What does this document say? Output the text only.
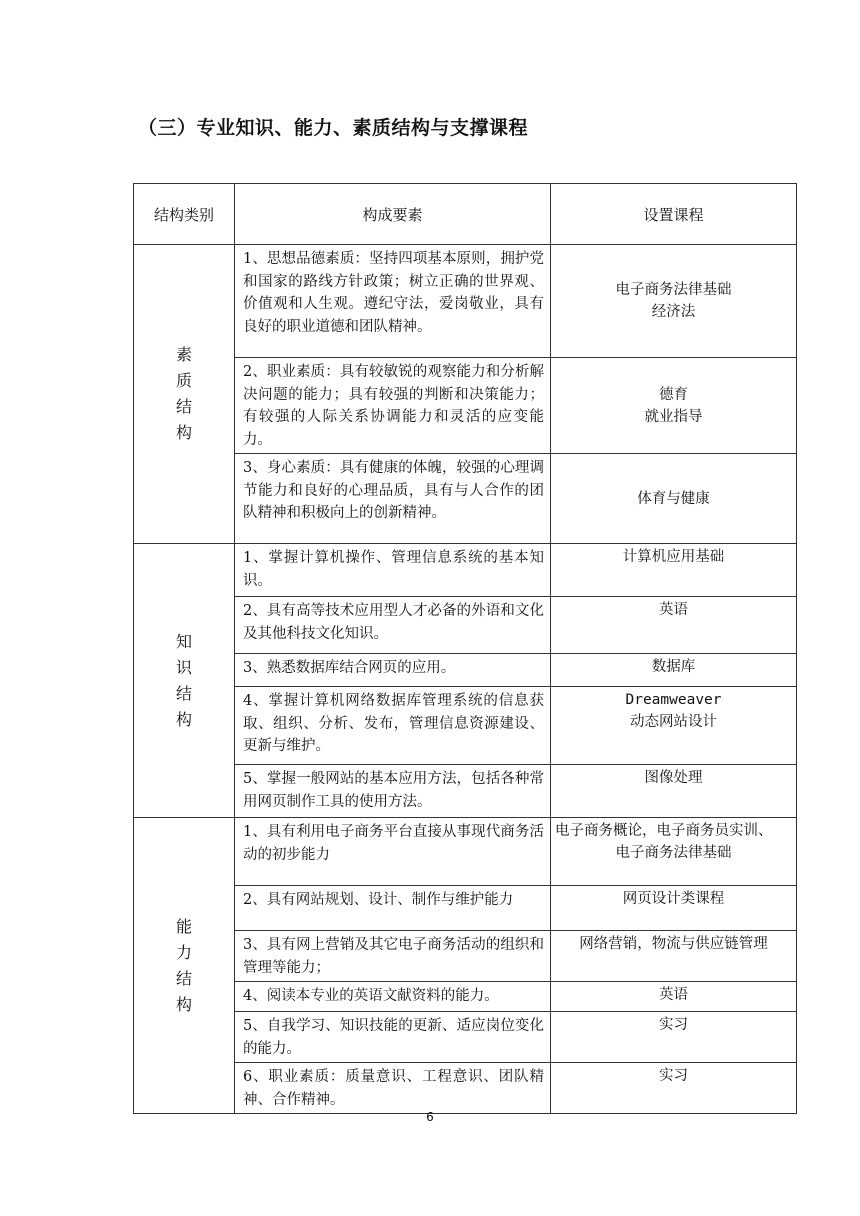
（三）专业知识、能力、素质结构与支撑课程
结构类别	构成要素	设置课程

素质结构	1、思想品德素质：坚持四项基本原则，拥护党和国家的路线方针政策；树立正确的世界观、价值观和人生观。遵纪守法，爱岗敬业，具有良好的职业道德和团队精神。	电子商务法律基础
经济法

	2、职业素质：具有较敏锐的观察能力和分析解决问题的能力；具有较强的判断和决策能力；有较强的人际关系协调能力和灵活的应变能力。	德育
就业指导

	3、身心素质：具有健康的体魄，较强的心理调节能力和良好的心理品质，具有与人合作的团队精神和积极向上的创新精神。	体育与健康

知识结构	1、掌握计算机操作、管理信息系统的基本知识。	计算机应用基础

	2、具有高等技术应用型人才必备的外语和文化及其他科技文化知识。	英语

	3、熟悉数据库结合网页的应用。	数据库

	4、掌握计算机网络数据库管理系统的信息获取、组织、分析、发布，管理信息资源建设、更新与维护。	Dreamweaver
动态网站设计

	5、掌握一般网站的基本应用方法，包括各种常用网页制作工具的使用方法。	图像处理

能力结构	1、具有利用电子商务平台直接从事现代商务活动的初步能力	电子商务概论，电子商务员实训、
电子商务法律基础

	2、具有网站规划、设计、制作与维护能力	网页设计类课程

	3、具有网上营销及其它电子商务活动的组织和管理等能力；	网络营销，物流与供应链管理

	4、阅读本专业的英语文献资料的能力。	英语

	5、自我学习、知识技能的更新、适应岗位变化的能力。	实习

	6、职业素质：质量意识、工程意识、团队精神、合作精神。	实习
6
